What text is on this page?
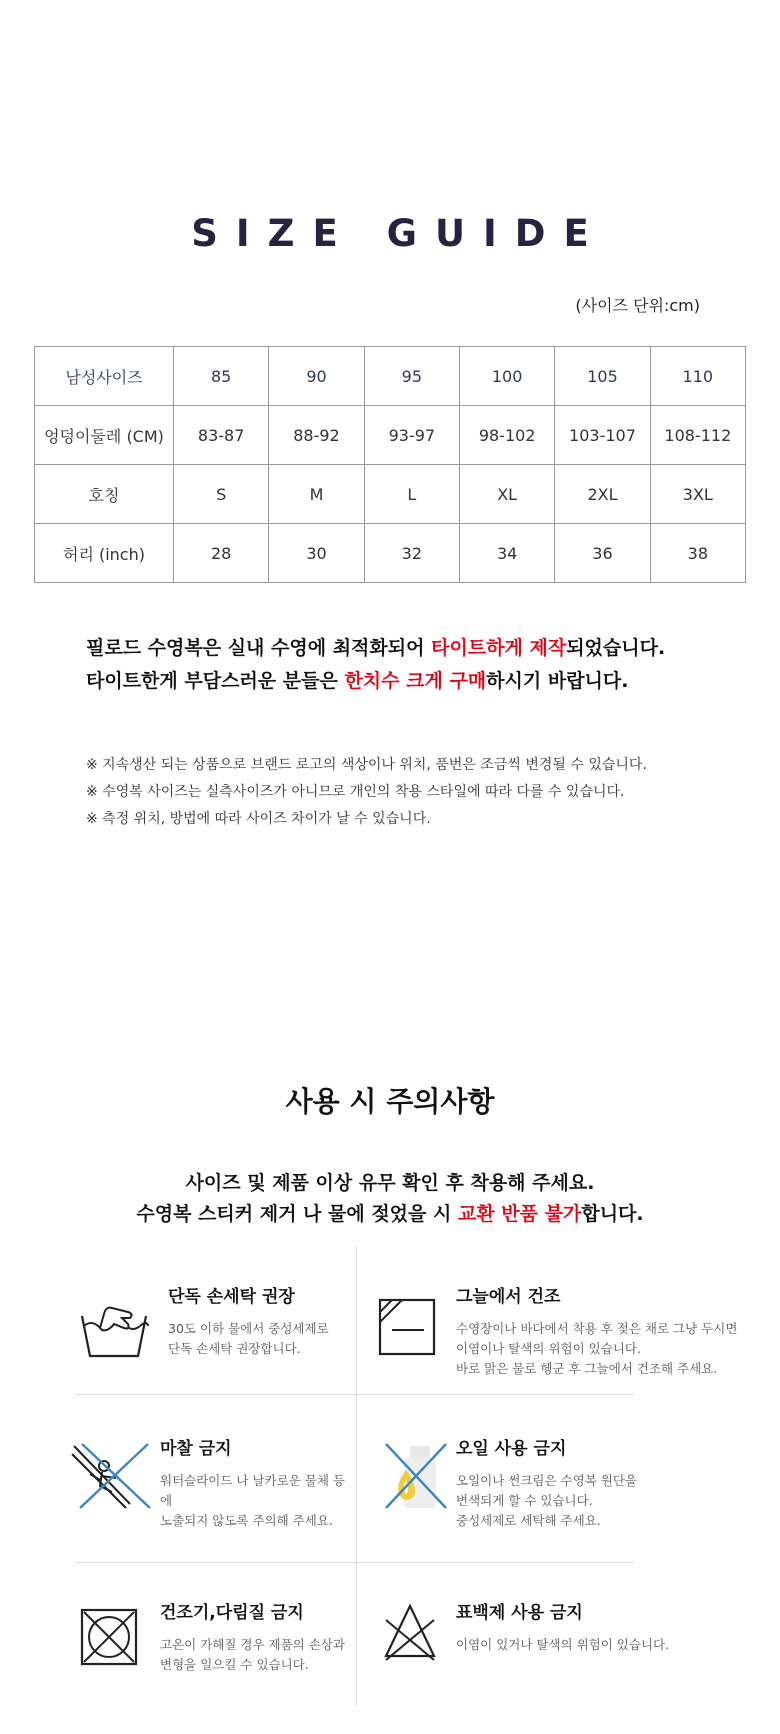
SIZE GUIDE
(사이즈 단위:cm)
남성사이즈	85	90	95	100	105	110
엉덩이둘레 (CM)	83-87	88-92	93-97	98-102	103-107	108-112
호칭	S	M	L	XL	2XL	3XL
허리 (inch)	28	30	32	34	36	38
필로드 수영복은 실내 수영에 최적화되어 타이트하게 제작되었습니다.
타이트한게 부담스러운 분들은 한치수 크게 구매하시기 바랍니다.
※ 지속생산 되는 상품으로 브랜드 로고의 색상이나 위치, 품번은 조금씩 변경될 수 있습니다.
※ 수영복 사이즈는 실측사이즈가 아니므로 개인의 착용 스타일에 따라 다를 수 있습니다.
※ 측정 위치, 방법에 따라 사이즈 차이가 날 수 있습니다.
사용 시 주의사항
사이즈 및 제품 이상 유무 확인 후 착용해 주세요.
수영복 스티커 제거 나 물에 젖었을 시 교환 반품 불가합니다.
단독 손세탁 권장
30도 이하 물에서 중성세제로
단독 손세탁 권장합니다.
그늘에서 건조
수영장이나 바다에서 착용 후 젖은 채로 그냥 두시면
이염이나 탈색의 위험이 있습니다.
바로 맑은 물로 헹군 후 그늘에서 건조해 주세요.
마찰 금지
워터슬라이드 나 날카로운 물체 등에
노출되지 않도록 주의해 주세요.
오일 사용 금지
오일이나 썬크림은 수영복 원단을
변색되게 할 수 있습니다.
중성세제로 세탁해 주세요.
건조기,다림질 금지
고온이 가해질 경우 제품의 손상과
변형을 일으킬 수 있습니다.
표백제 사용 금지
이염이 있거나 탈색의 위험이 있습니다.
